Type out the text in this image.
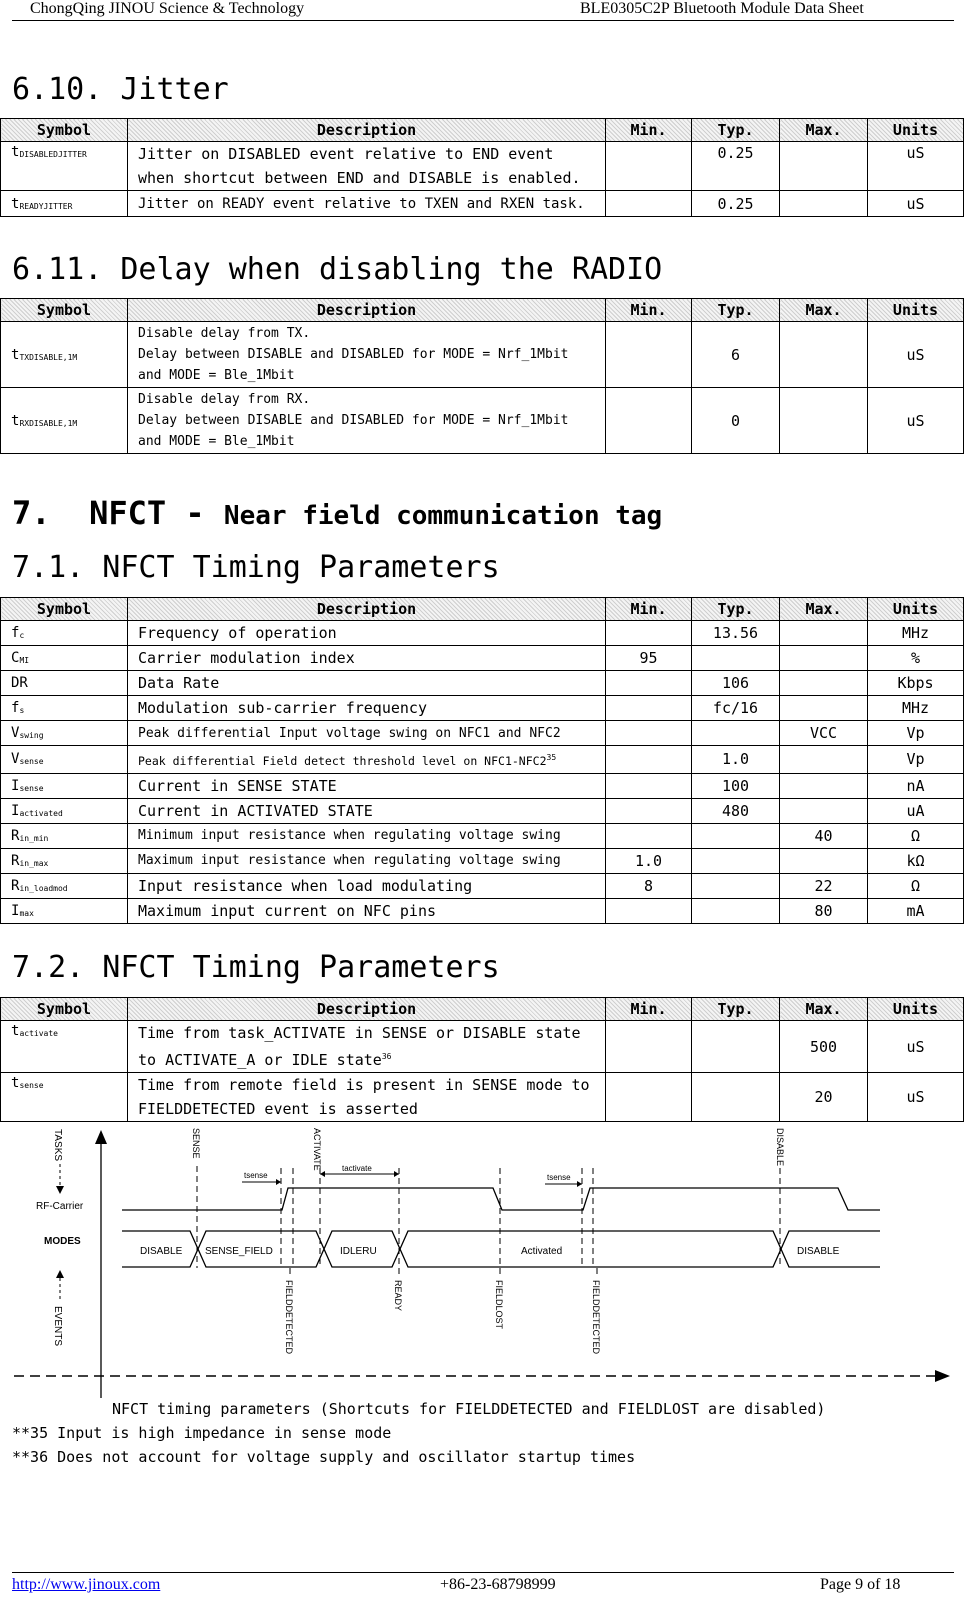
ChongQing JINOU Science & Technology	BLE0305C2P Bluetooth Module Data Sheet
6.10. Jitter
Symbol	Description	Min.	Typ.	Max.	Units
$t_{DISABLEDJITTER}$	Jitter on DISABLED event relative to END event when shortcut between END and DISABLE is enabled.		0.25		uS
$t_{READYJITTER}$	Jitter on READY event relative to TXEN and RXEN task.		0.25		uS
6.11. Delay when disabling the RADIO
Symbol	Description	Min.	Typ.	Max.	Units
$t_{TXDISABLE,1M}$	Disable delay from TX.
Delay between DISABLE and DISABLED for MODE = Nrf_1Mbit
and MODE = Ble_1Mbit		6		uS
$t_{RXDISABLE,1M}$	Disable delay from RX.
Delay between DISABLE and DISABLED for MODE = Nrf_1Mbit
and MODE = Ble_1Mbit		0		uS
7. NFCT - Near field communication tag
7.1. NFCT Timing Parameters
Symbol	Description	Min.	Typ.	Max.	Units
$f_c$	Frequency of operation		13.56		MHz
$C_{MI}$	Carrier modulation index	95			%
DR	Data Rate		106		Kbps
$f_s$	Modulation sub-carrier frequency		fc/16		MHz
$V_{swing}$	Peak differential Input voltage swing on NFC1 and NFC2			VCC	Vp
$V_{sense}$	Peak differential Field detect threshold level on NFC1-NFC2$^{35}$		1.0		Vp
$I_{sense}$	Current in SENSE STATE		100		nA
$I_{activated}$	Current in ACTIVATED STATE		480		uA
$R_{in\_min}$	Minimum input resistance when regulating voltage swing			40	Ω
$R_{in\_max}$	Maximum input resistance when regulating voltage swing	1.0			kΩ
$R_{in\_loadmod}$	Input resistance when load modulating	8		22	Ω
$I_{max}$	Maximum input current on NFC pins			80	mA
7.2. NFCT Timing Parameters
Symbol	Description	Min.	Typ.	Max.	Units
$t_{activate}$	Time from task_ACTIVATE in SENSE or DISABLE state to ACTIVATE_A or IDLE state$^{36}$			500	uS
$t_{sense}$	Time from remote field is present in SENSE mode to FIELDDETECTED event is asserted			20	uS
TASKS
RF-Carrier
MODES
EVENTS
SENSE	ACTIVATE	DISABLE
tsense
tactivate
tsense
DISABLE SENSE_FIELD	IDLERU	Activated	DISABLE
FIELDDETECTED	READY	FIELDLOST	FIELDDETECTED
NFCT timing parameters (Shortcuts for FIELDDETECTED and FIELDLOST are disabled)
**35 Input is high impedance in sense mode
**36 Does not account for voltage supply and oscillator startup times
http://www.jinoux.com	+86-23-68798999	Page 9 of 18
